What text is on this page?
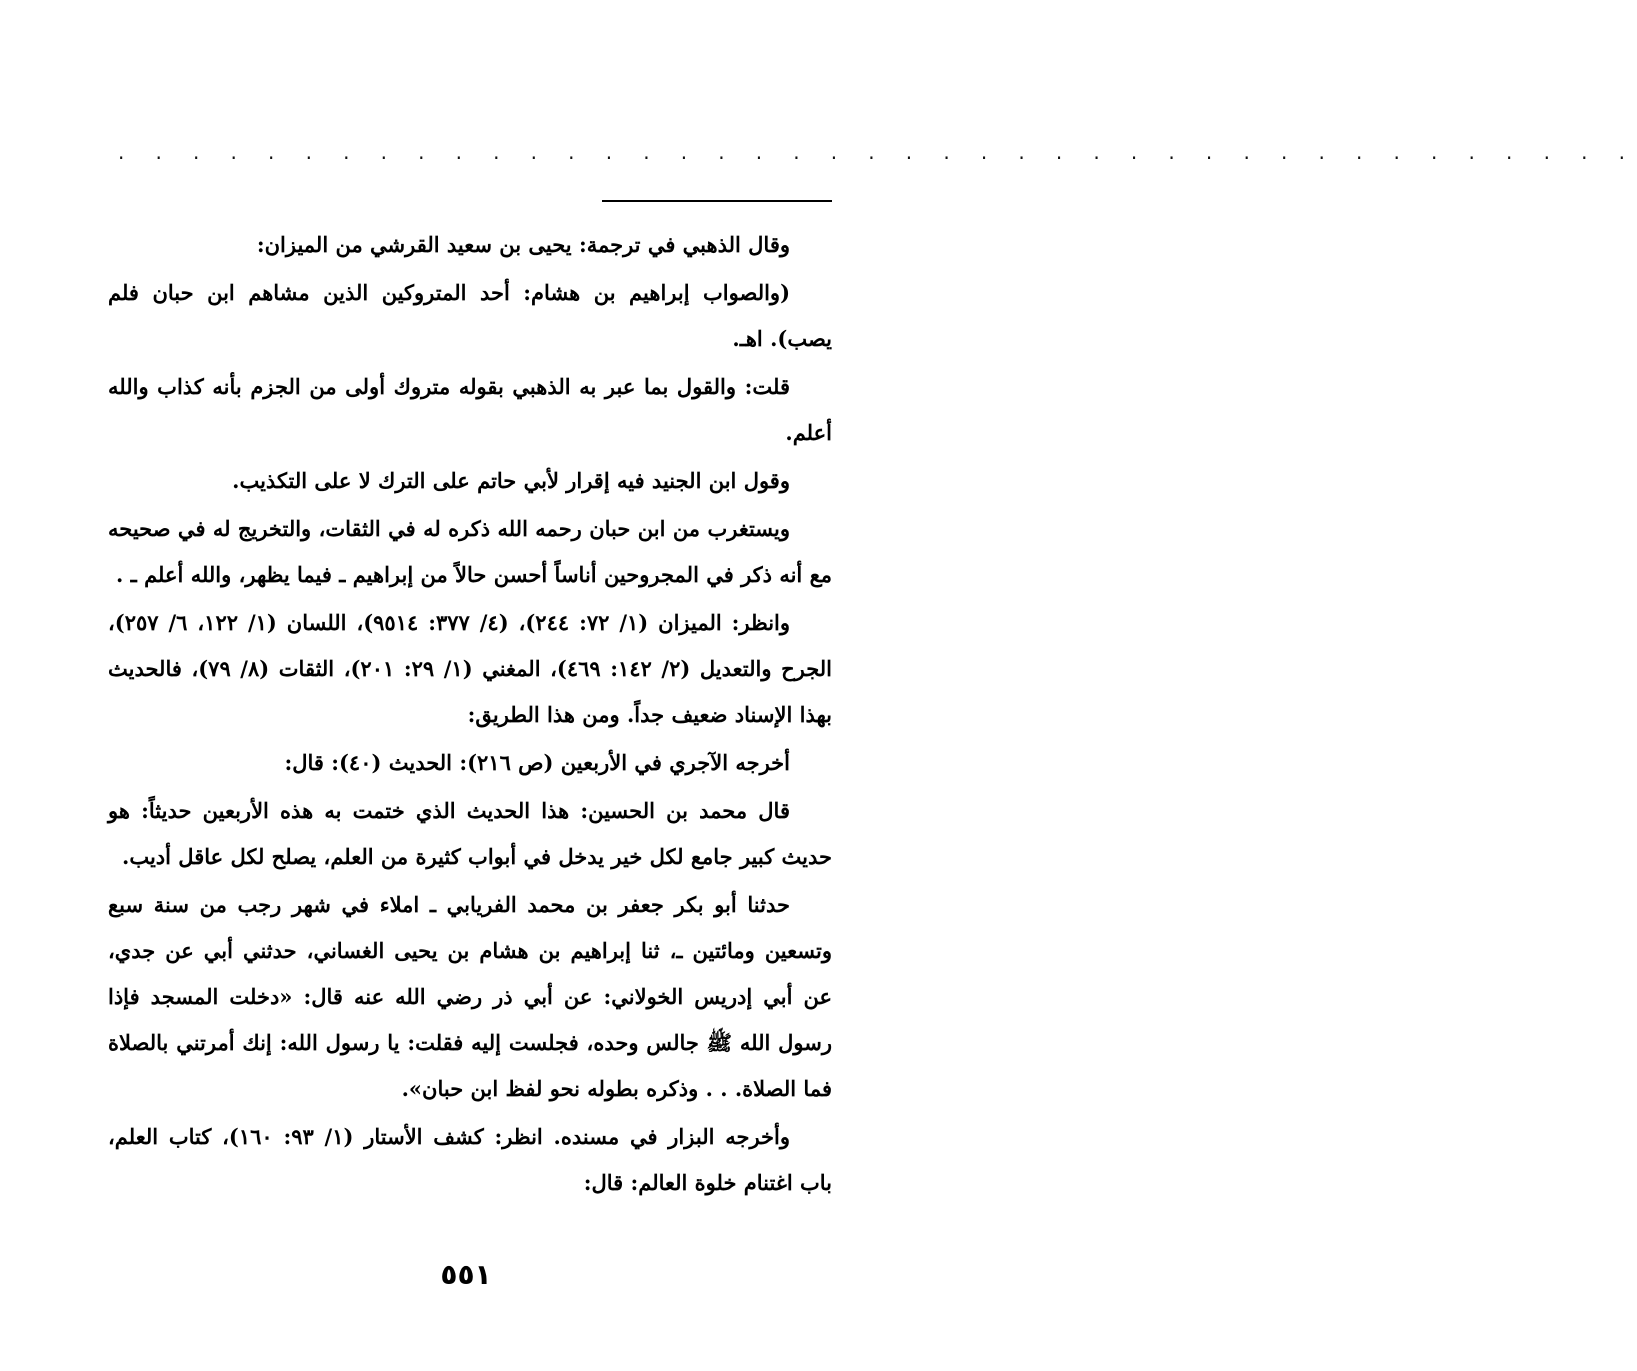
. . . . . . . . . . . . . . . . . . . . . . . . . . . . . . . . . . . . . . . . .

وقال الذهبي في ترجمة: يحيى بن سعيد القرشي من الميزان:

(والصواب إبراهيم بن هشام: أحد المتروكين الذين مشاهم ابن حبان فلم يصب). اهـ.

قلت: والقول بما عبر به الذهبي بقوله متروك أولى من الجزم بأنه كذاب والله أعلم.

وقول ابن الجنيد فيه إقرار لأبي حاتم على الترك لا على التكذيب.

ويستغرب من ابن حبان رحمه الله ذكره له في الثقات، والتخريج له في صحيحه مع أنه ذكر في المجروحين أناساً أحسن حالاً من إبراهيم ـ فيما يظهر، والله أعلم ـ .

وانظر: الميزان (١/ ٧٢: ٢٤٤)، (٤/ ٣٧٧: ٩٥١٤)، اللسان (١/ ١٢٢، ٦/ ٢٥٧)، الجرح والتعديل (٢/ ١٤٢: ٤٦٩)، المغني (١/ ٢٩: ٢٠١)، الثقات (٨/ ٧٩)، فالحديث بهذا الإسناد ضعيف جداً. ومن هذا الطريق:

أخرجه الآجري في الأربعين (ص ٢١٦): الحديث (٤٠): قال:

قال محمد بن الحسين: هذا الحديث الذي ختمت به هذه الأربعين حديثاً: هو حديث كبير جامع لكل خير يدخل في أبواب كثيرة من العلم، يصلح لكل عاقل أديب.

حدثنا أبو بكر جعفر بن محمد الفريابي ـ املاء في شهر رجب من سنة سبع وتسعين ومائتين ـ، ثنا إبراهيم بن هشام بن يحيى الغساني، حدثني أبي عن جدي، عن أبي إدريس الخولاني: عن أبي ذر رضي الله عنه قال: «دخلت المسجد فإذا رسول الله ﷺ جالس وحده، فجلست إليه فقلت: يا رسول الله: إنك أمرتني بالصلاة فما الصلاة. . . وذكره بطوله نحو لفظ ابن حبان».

وأخرجه البزار في مسنده. انظر: كشف الأستار (١/ ٩٣: ١٦٠)، كتاب العلم، باب اغتنام خلوة العالم: قال:

٥٥١
